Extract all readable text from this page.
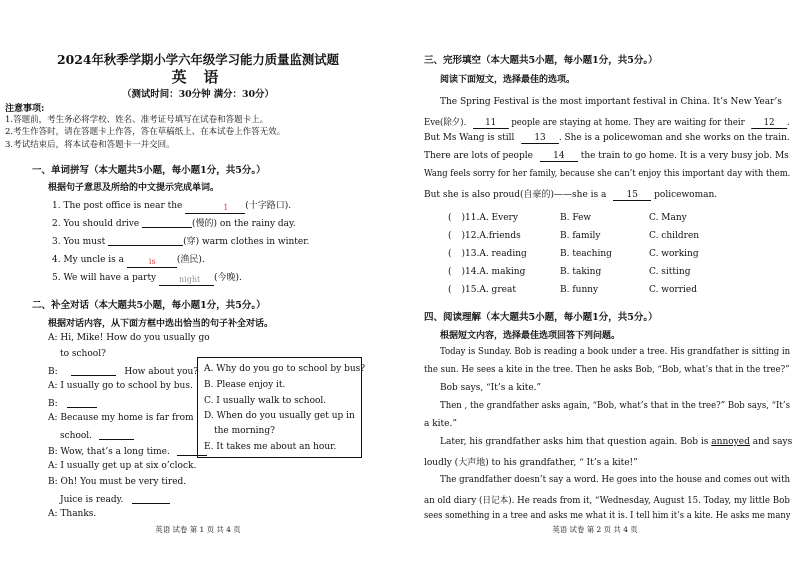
2024年秋季学期小学六年级学习能力质量监测试题
英 语
（测试时间：30分钟 满分：30分）
注意事项:
1.答题前，考生务必将学校、姓名、准考证号填写在试卷和答题卡上。
2.考生作答时，请在答题卡上作答，答在草稿纸上、在本试卷上作答无效。
3.考试结束后，将本试卷和答题卡一并交回。
一、单词拼写（本大题共5小题，每小题1分，共5分。）
根据句子意思及所给的中文提示完成单词。
1. The post office is near the	1 (十字路口).
2. You should drive	(慢的) on the rainy day.
3. You must	(穿) warm clothes in winter.
4. My uncle is a	is (渔民).
5. We will have a party	night (今晚).
二、补全对话（本大题共5小题，每小题1分，共5分。）
根据对话内容，从下面方框中选出恰当的句子补全对话。
A: Hi, Mike! How do you usually go
to school?
B:	How about you?
A: I usually go to school by bus.
B:
A: Because my home is far from
school.
B: Wow, that’s a long time.
A: I usually get up at six o’clock.
B: Oh! You must be very tired.
Juice is ready.
A: Thanks.
A. Why do you go to school by bus?
B. Please enjoy it.
C. I usually walk to school.
D. When do you usually get up in
the morning?
E. It takes me about an hour.
英语 试卷 第 1 页 共 4 页
三、完形填空（本大题共5小题，每小题1分，共5分。）
阅读下面短文，选择最佳的选项。
The Spring Festival is the most important festival in China. It’s New Year’s
Eve(除夕). 11 people are staying at home. They are waiting for their 12 .
But Ms Wang is still 13 . She is a policewoman and she works on the train.
There are lots of people 14 the train to go home. It is a very busy job. Ms
Wang feels sorry for her family, because she can’t enjoy this important day with them.
But she is also proud(自豪的)——she is a 15 policewoman.
( )11.A. Every	B. Few	C. Many
( )12.A.friends	B. family	C. children
( )13.A. reading	B. teaching	C. working
( )14.A. making	B. taking	C. sitting
( )15.A. great	B. funny	C. worried
四、阅读理解（本大题共5小题，每小题1分，共5分。）
根据短文内容，选择最佳选项回答下列问题。
Today is Sunday. Bob is reading a book under a tree. His grandfather is sitting in
the sun. He sees a kite in the tree. Then he asks Bob, “Bob, what’s that in the tree?”
Bob says, “It’s a kite.”
Then , the grandfather asks again, “Bob, what’s that in the tree?” Bob says, “It’s
a kite.”
Later, his grandfather asks him that question again. Bob is annoyed and says
loudly (大声地) to his grandfather, “ It’s a kite!”
The grandfather doesn’t say a word. He goes into the house and comes out with
an old diary (日记本). He reads from it, “Wednesday, August 15. Today, my little Bob
sees something in a tree and asks me what it is. I tell him it’s a kite. He asks me many
英语 试卷 第 2 页 共 4 页
